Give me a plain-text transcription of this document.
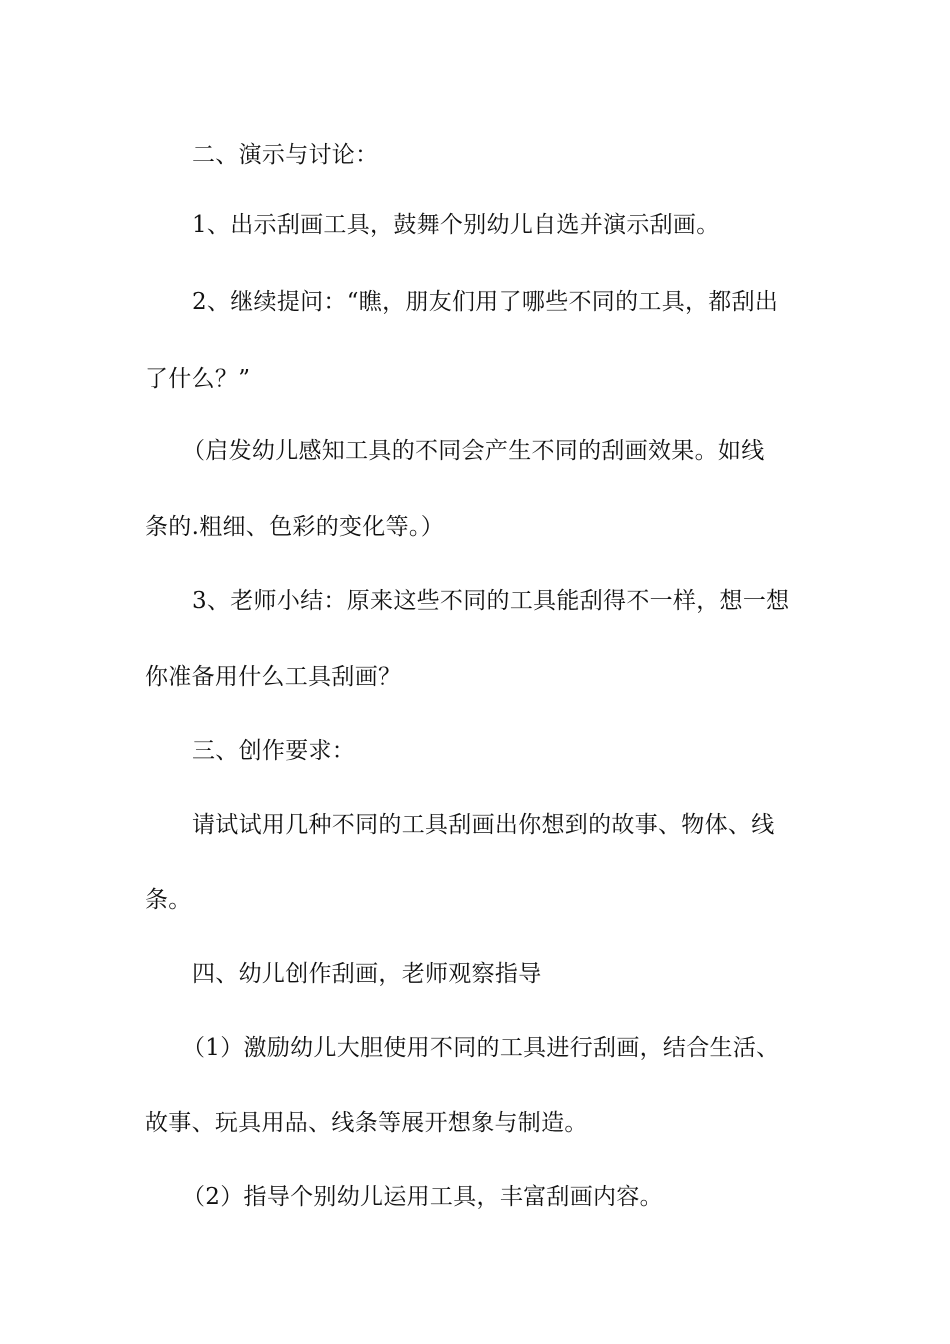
二、演示与讨论：
1、出示刮画工具，鼓舞个别幼儿自选并演示刮画。
2、继续提问：“瞧，朋友们用了哪些不同的工具，都刮出
了什么？”
（启发幼儿感知工具的不同会产生不同的刮画效果。如线
条的.粗细、色彩的变化等。）
3、老师小结：原来这些不同的工具能刮得不一样，想一想
你准备用什么工具刮画？
三、创作要求：
请试试用几种不同的工具刮画出你想到的故事、物体、线
条。
四、幼儿创作刮画，老师观察指导
（1）激励幼儿大胆使用不同的工具进行刮画，结合生活、
故事、玩具用品、线条等展开想象与制造。
（2）指导个别幼儿运用工具，丰富刮画内容。
